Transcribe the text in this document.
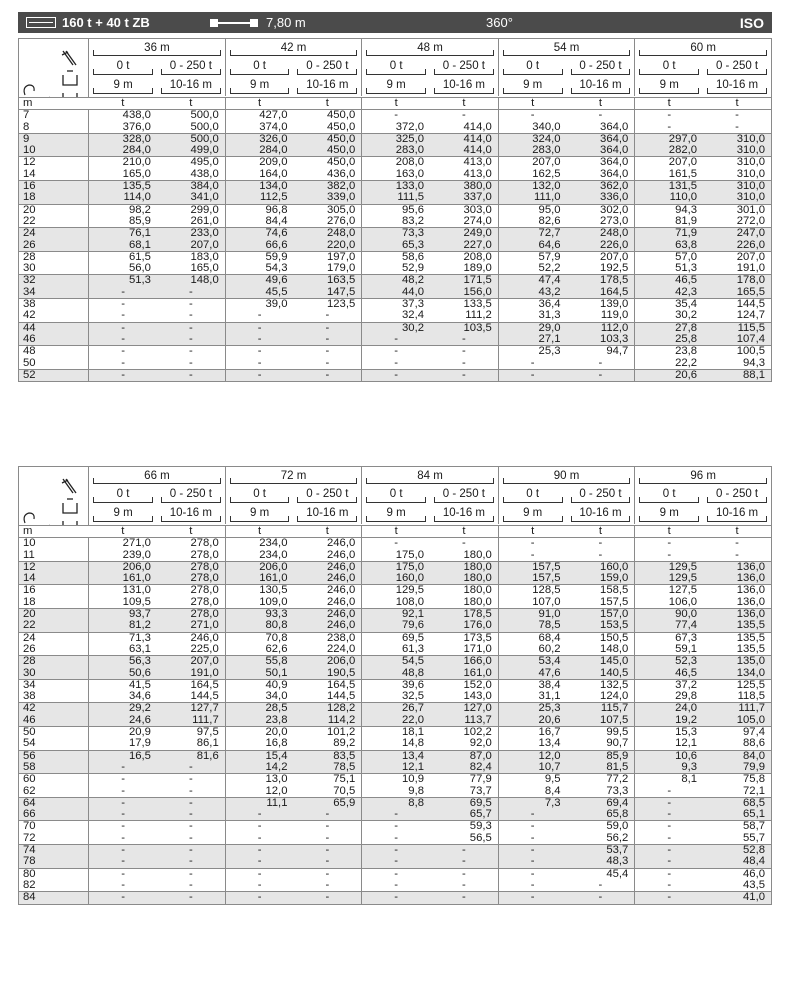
160 t + 40 t ZB	7,80 m	360°	ISO

36 m		42 m		48 m		54 m		60 m	

0 t	0 - 250 t	0 t	0 - 250 t	0 t	0 - 250 t	0 t	0 - 250 t	0 t	0 - 250 t

9 m	10-16 m	9 m	10-16 m	9 m	10-16 m	9 m	10-16 m	9 m	10-16 m

m	t	t	t	t	t	t	t	t	t	t
7	438,0	500,0	427,0	450,0	-	-	-	-	-	-
8	376,0	500,0	374,0	450,0	372,0	414,0	340,0	364,0	-	-
9	328,0	500,0	326,0	450,0	325,0	414,0	324,0	364,0	297,0	310,0
10	284,0	499,0	284,0	450,0	283,0	414,0	283,0	364,0	282,0	310,0
12	210,0	495,0	209,0	450,0	208,0	413,0	207,0	364,0	207,0	310,0
14	165,0	438,0	164,0	436,0	163,0	413,0	162,5	364,0	161,5	310,0
16	135,5	384,0	134,0	382,0	133,0	380,0	132,0	362,0	131,5	310,0
18	114,0	341,0	112,5	339,0	111,5	337,0	111,0	336,0	110,0	310,0
20	98,2	299,0	96,8	305,0	95,6	303,0	95,0	302,0	94,3	301,0
22	85,9	261,0	84,4	276,0	83,2	274,0	82,6	273,0	81,9	272,0
24	76,1	233,0	74,6	248,0	73,3	249,0	72,7	248,0	71,9	247,0
26	68,1	207,0	66,6	220,0	65,3	227,0	64,6	226,0	63,8	226,0
28	61,5	183,0	59,9	197,0	58,6	208,0	57,9	207,0	57,0	207,0
30	56,0	165,0	54,3	179,0	52,9	189,0	52,2	192,5	51,3	191,0
32	51,3	148,0	49,6	163,5	48,2	171,5	47,4	178,5	46,5	178,0
34	-	-	45,5	147,5	44,0	156,0	43,2	164,5	42,3	165,5
38	-	-	39,0	123,5	37,3	133,5	36,4	139,0	35,4	144,5
42	-	-	-	-	32,4	111,2	31,3	119,0	30,2	124,7
44	-	-	-	-	30,2	103,5	29,0	112,0	27,8	115,5
46	-	-	-	-	-	-	27,1	103,3	25,8	107,4
48	-	-	-	-	-	-	25,3	94,7	23,8	100,5
50	-	-	-	-	-	-	-	-	22,2	94,3
52	-	-	-	-	-	-	-	-	20,6	88,1

66 m		72 m		84 m		90 m		96 m	

0 t	0 - 250 t	0 t	0 - 250 t	0 t	0 - 250 t	0 t	0 - 250 t	0 t	0 - 250 t

9 m	10-16 m	9 m	10-16 m	9 m	10-16 m	9 m	10-16 m	9 m	10-16 m

m	t	t	t	t	t	t	t	t	t	t
10	271,0	278,0	234,0	246,0	-	-	-	-	-	-
11	239,0	278,0	234,0	246,0	175,0	180,0	-	-	-	-
12	206,0	278,0	206,0	246,0	175,0	180,0	157,5	160,0	129,5	136,0
14	161,0	278,0	161,0	246,0	160,0	180,0	157,5	159,0	129,5	136,0
16	131,0	278,0	130,5	246,0	129,5	180,0	128,5	158,5	127,5	136,0
18	109,5	278,0	109,0	246,0	108,0	180,0	107,0	157,5	106,0	136,0
20	93,7	278,0	93,3	246,0	92,1	178,5	91,0	157,0	90,0	136,0
22	81,2	271,0	80,8	246,0	79,6	176,0	78,5	153,5	77,4	135,5
24	71,3	246,0	70,8	238,0	69,5	173,5	68,4	150,5	67,3	135,5
26	63,1	225,0	62,6	224,0	61,3	171,0	60,2	148,0	59,1	135,5
28	56,3	207,0	55,8	206,0	54,5	166,0	53,4	145,0	52,3	135,0
30	50,6	191,0	50,1	190,5	48,8	161,0	47,6	140,5	46,5	134,0
34	41,5	164,5	40,9	164,5	39,6	152,0	38,4	132,5	37,2	125,5
38	34,6	144,5	34,0	144,5	32,5	143,0	31,1	124,0	29,8	118,5
42	29,2	127,7	28,5	128,2	26,7	127,0	25,3	115,7	24,0	111,7
46	24,6	111,7	23,8	114,2	22,0	113,7	20,6	107,5	19,2	105,0
50	20,9	97,5	20,0	101,2	18,1	102,2	16,7	99,5	15,3	97,4
54	17,9	86,1	16,8	89,2	14,8	92,0	13,4	90,7	12,1	88,6
56	16,5	81,6	15,4	83,5	13,4	87,0	12,0	85,9	10,6	84,0
58	-	-	14,2	78,5	12,1	82,4	10,7	81,5	9,3	79,9
60	-	-	13,0	75,1	10,9	77,9	9,5	77,2	8,1	75,8
62	-	-	12,0	70,5	9,8	73,7	8,4	73,3	-	72,1
64	-	-	11,1	65,9	8,8	69,5	7,3	69,4	-	68,5
66	-	-	-	-	-	65,7	-	65,8	-	65,1
70	-	-	-	-	-	59,3	-	59,0	-	58,7
72	-	-	-	-	-	56,5	-	56,2	-	55,7
74	-	-	-	-	-	-	-	53,7	-	52,8
78	-	-	-	-	-	-	-	48,3	-	48,4
80	-	-	-	-	-	-	-	45,4	-	46,0
82	-	-	-	-	-	-	-	-	-	43,5
84	-	-	-	-	-	-	-	-	-	41,0
